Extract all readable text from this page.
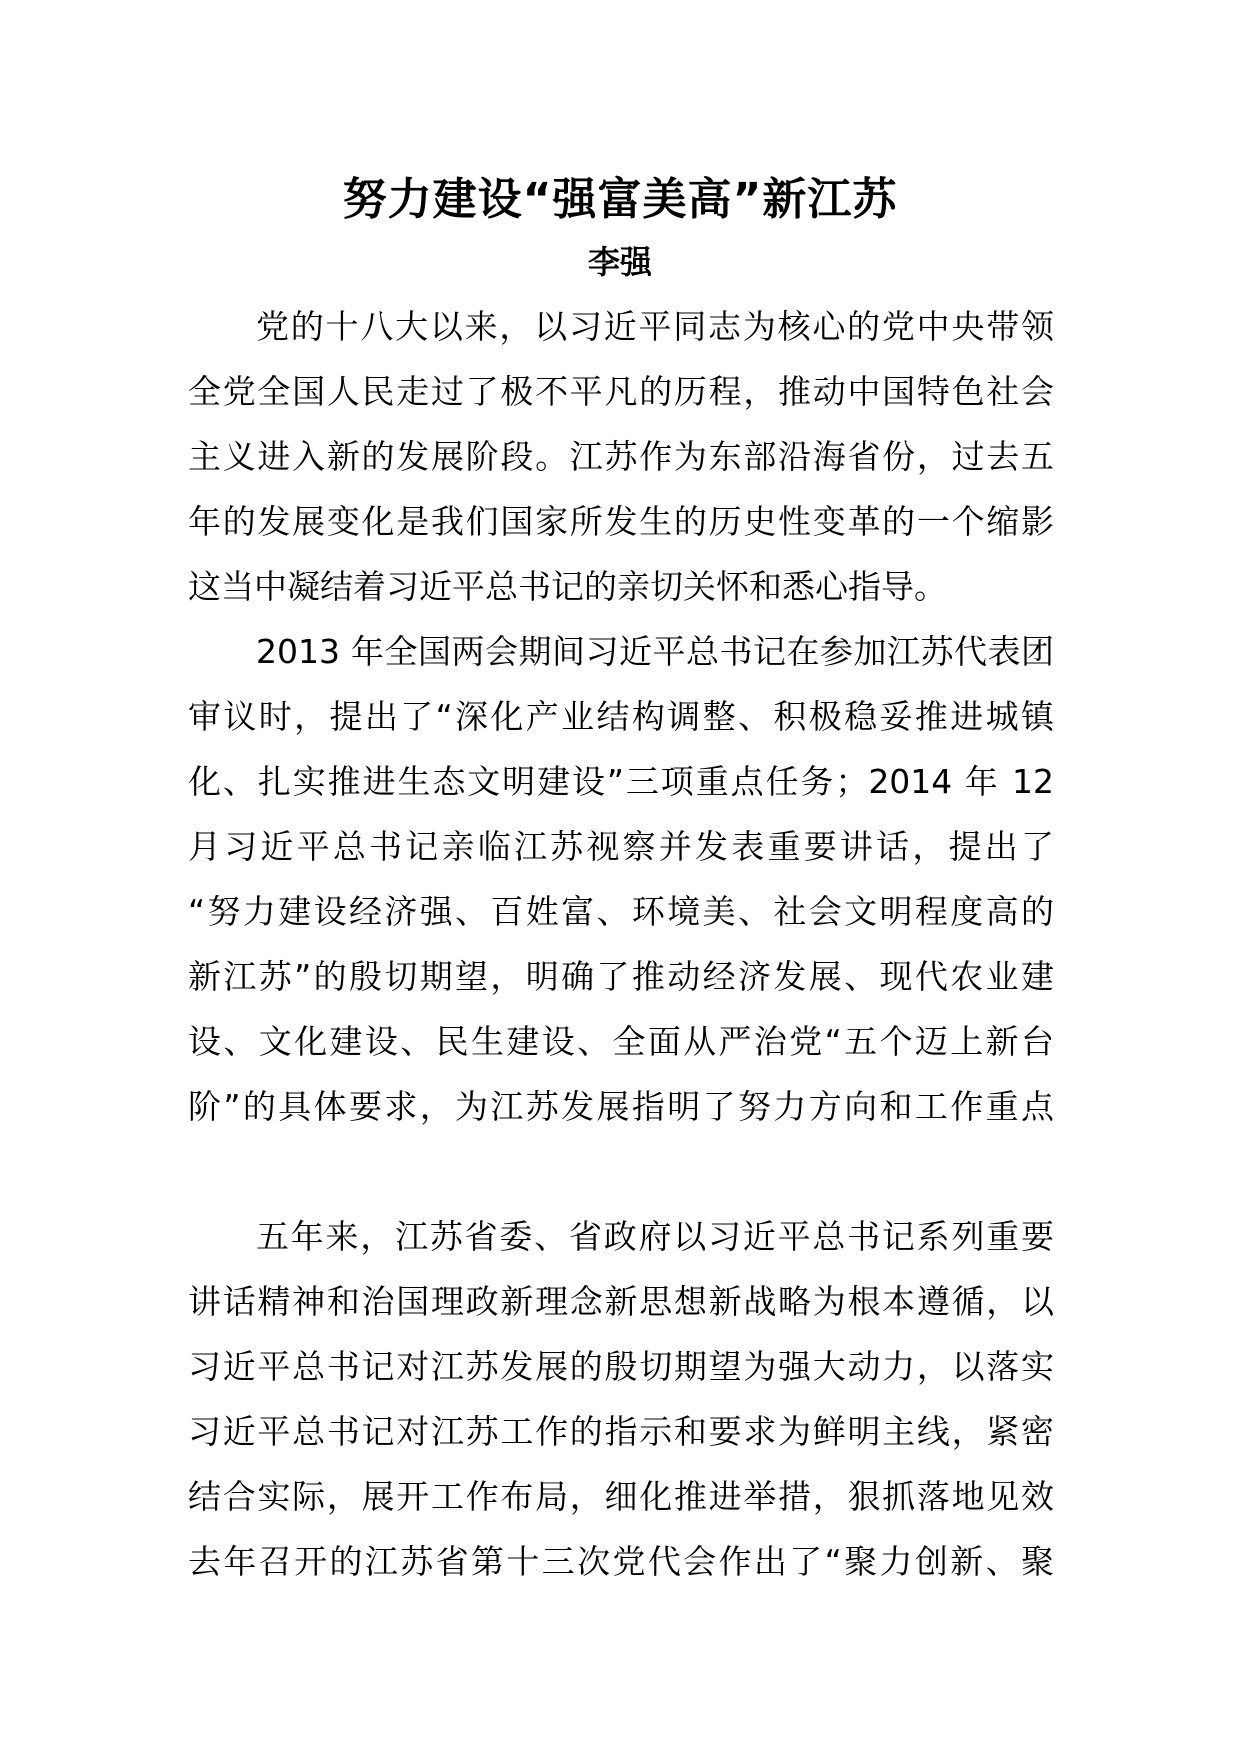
努力建设“强富美高”新江苏
李强
党的十八大以来，以习近平同志为核心的党中央带领
全党全国人民走过了极不平凡的历程，推动中国特色社会
主义进入新的发展阶段。江苏作为东部沿海省份，过去五
年的发展变化是我们国家所发生的历史性变革的一个缩影
这当中凝结着习近平总书记的亲切关怀和悉心指导。
2013 年全国两会期间习近平总书记在参加江苏代表团
审议时，提出了“深化产业结构调整、积极稳妥推进城镇
化、扎实推进生态文明建设”三项重点任务；2014 年 12
月习近平总书记亲临江苏视察并发表重要讲话，提出了
“努力建设经济强、百姓富、环境美、社会文明程度高的
新江苏”的殷切期望，明确了推动经济发展、现代农业建
设、文化建设、民生建设、全面从严治党“五个迈上新台
阶”的具体要求，为江苏发展指明了努力方向和工作重点
五年来，江苏省委、省政府以习近平总书记系列重要
讲话精神和治国理政新理念新思想新战略为根本遵循，以
习近平总书记对江苏发展的殷切期望为强大动力，以落实
习近平总书记对江苏工作的指示和要求为鲜明主线，紧密
结合实际，展开工作布局，细化推进举措，狠抓落地见效
去年召开的江苏省第十三次党代会作出了“聚力创新、聚
